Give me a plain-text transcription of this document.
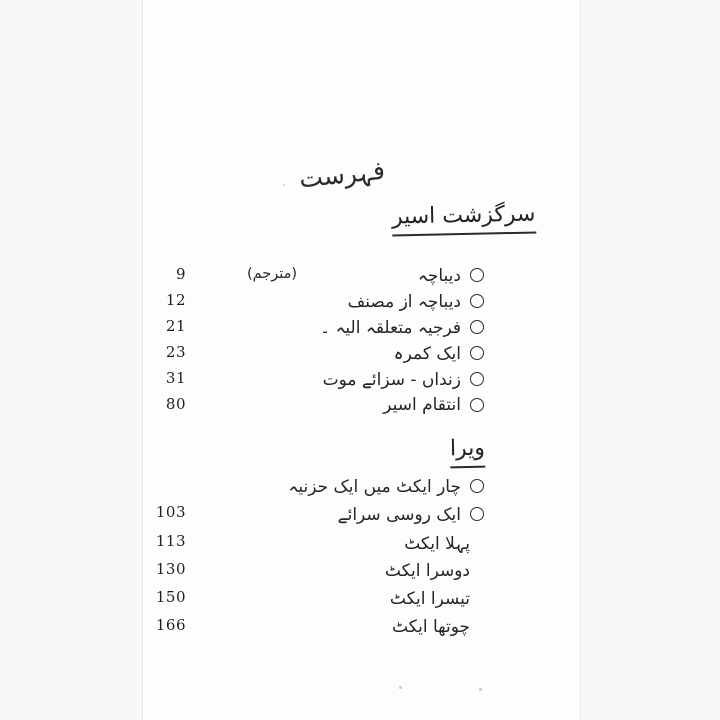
فہرست
سرگزشت اسیر
9	(مترجم)	دیباچہ
12	دیباچہ از مصنف
21	فرجیہ متعلقہ الیہ ۔
23	ایک کمرہ
31	زنداں - سزائے موت
80	انتقام اسیر
ویرا
چار ایکٹ میں ایک حزنیہ
103	ایک روسی سرائے
113	پہلا ایکٹ
130	دوسرا ایکٹ
150	تیسرا ایکٹ
166	چوتھا ایکٹ
